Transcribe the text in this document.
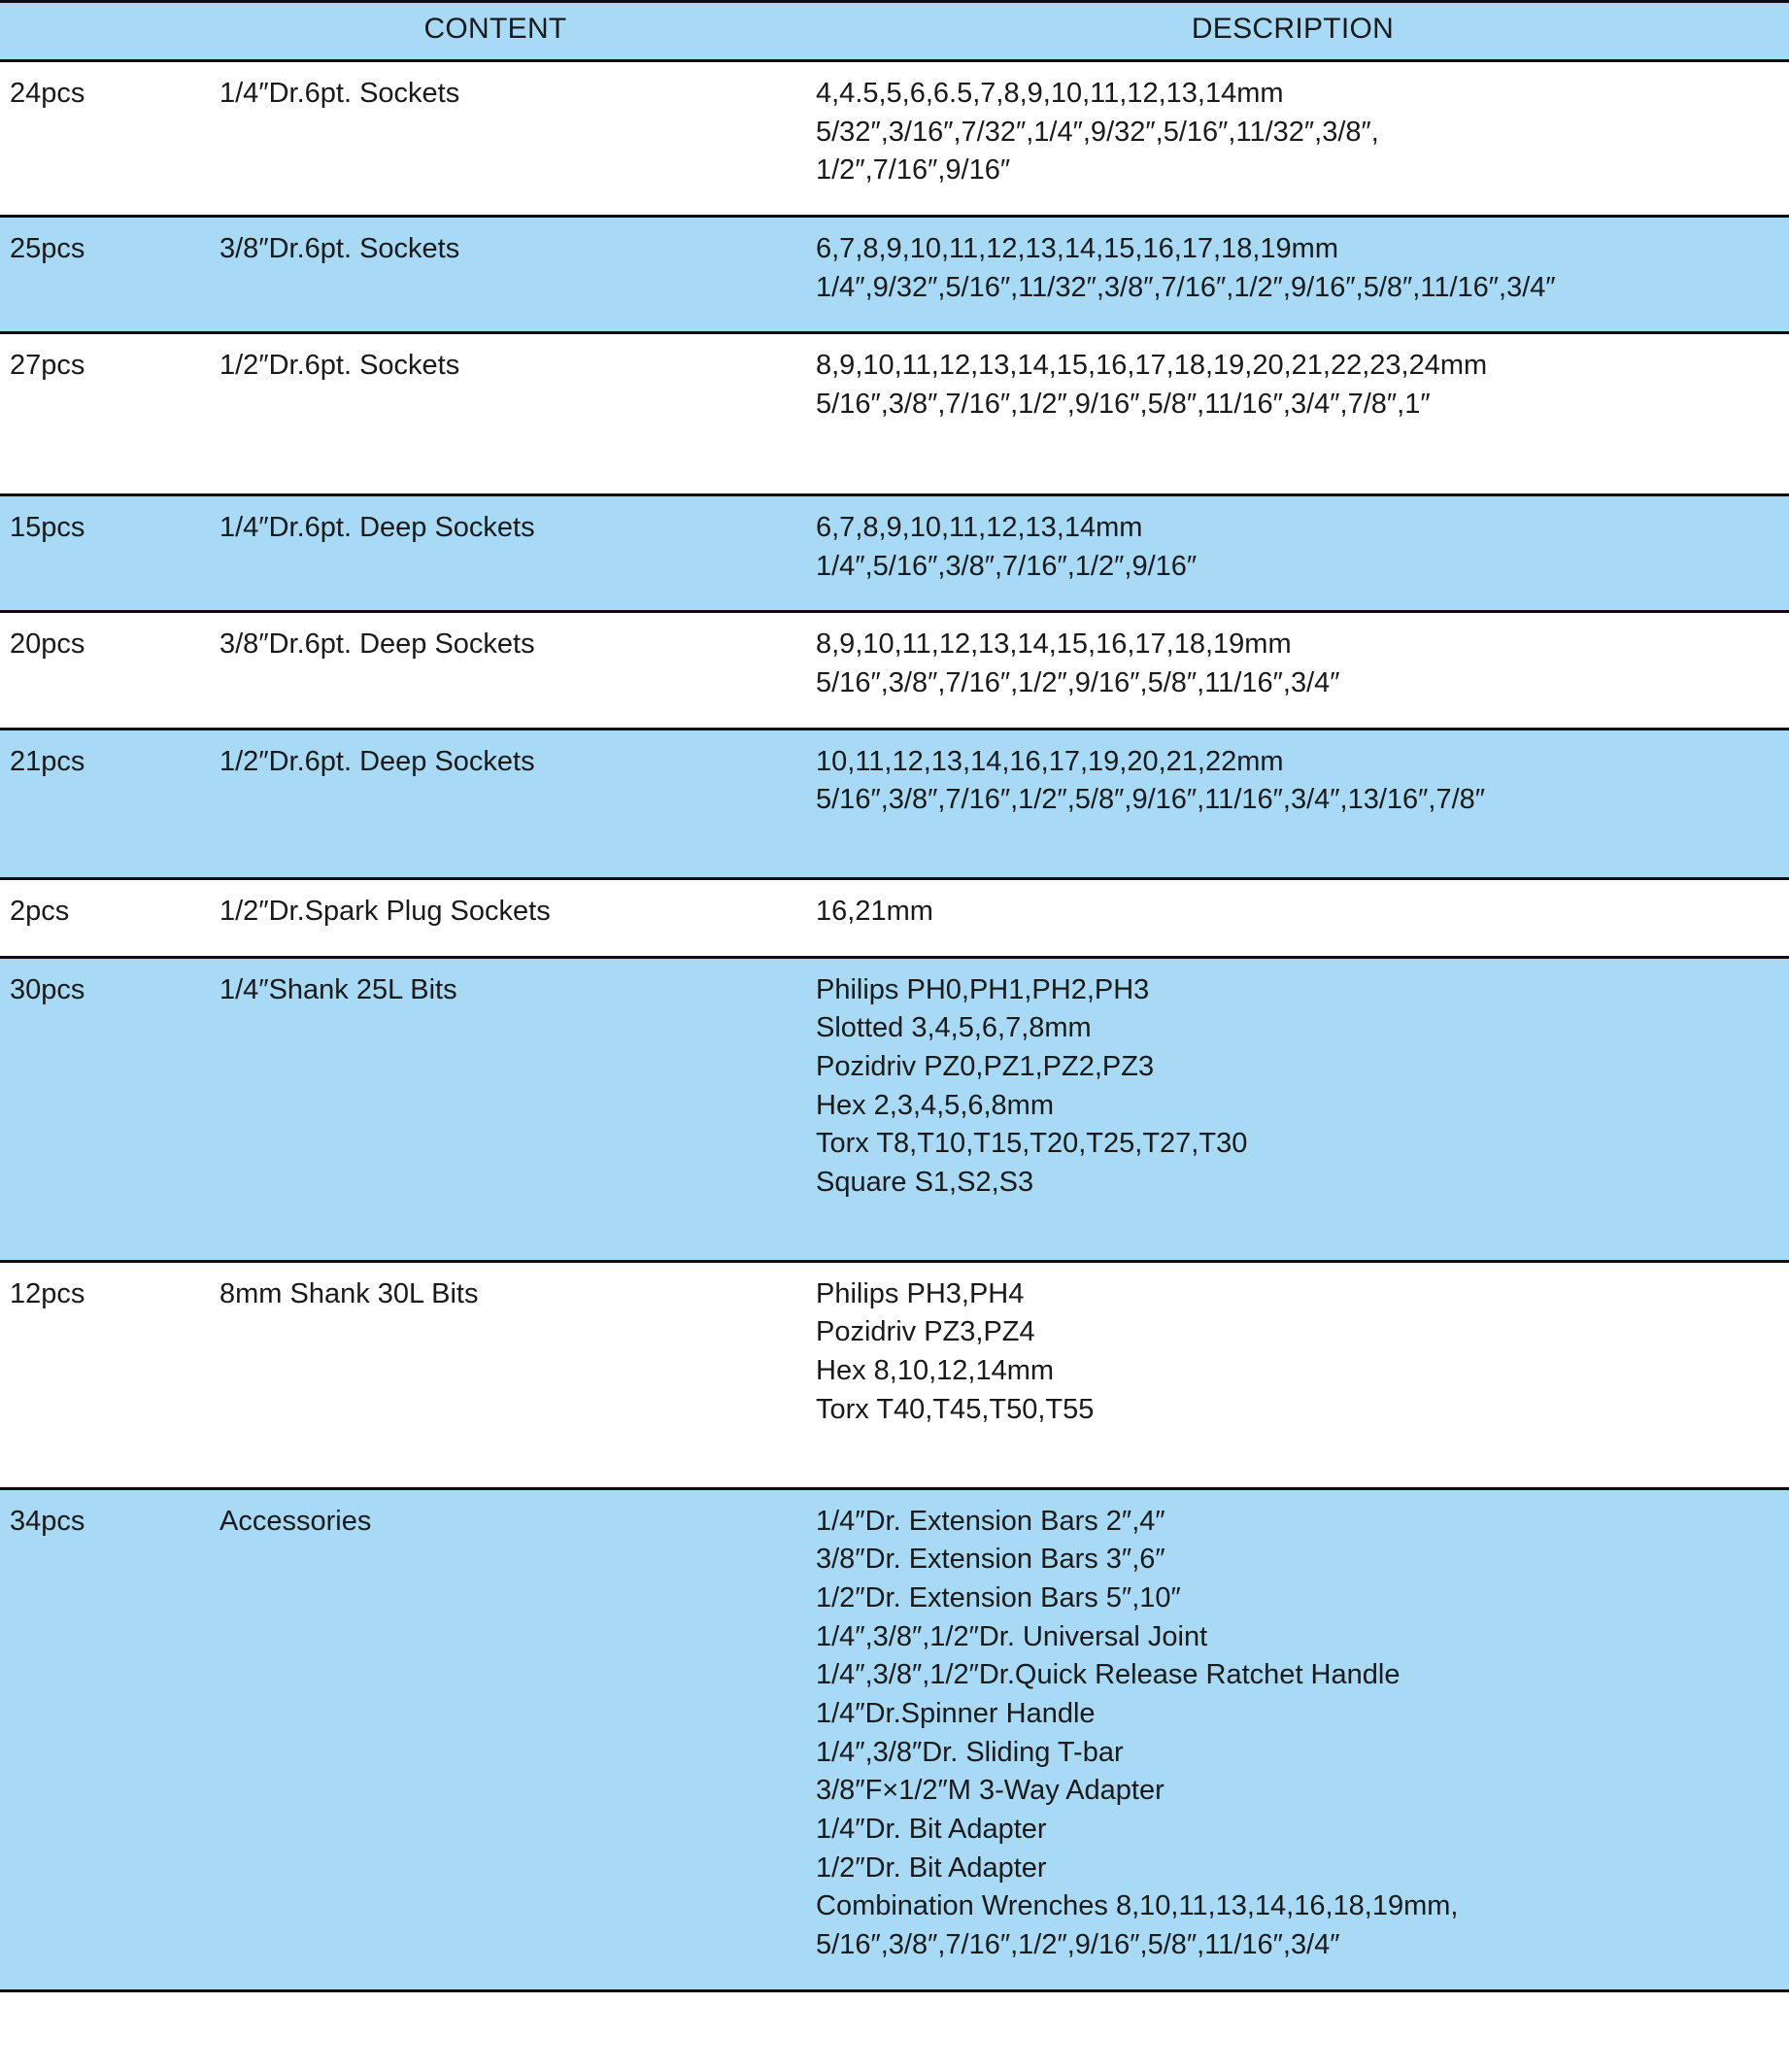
	CONTENT	DESCRIPTION
24pcs	1/4″Dr.6pt. Sockets	4,4.5,5,6,6.5,7,8,9,10,11,12,13,14mm
5/32″,3/16″,7/32″,1/4″,9/32″,5/16″,11/32″,3/8″,
1/2″,7/16″,9/16″

25pcs	3/8″Dr.6pt. Sockets	6,7,8,9,10,11,12,13,14,15,16,17,18,19mm
1/4″,9/32″,5/16″,11/32″,3/8″,7/16″,1/2″,9/16″,5/8″,11/16″,3/4″

27pcs	1/2″Dr.6pt. Sockets	8,9,10,11,12,13,14,15,16,17,18,19,20,21,22,23,24mm
5/16″,3/8″,7/16″,1/2″,9/16″,5/8″,11/16″,3/4″,7/8″,1″

15pcs	1/4″Dr.6pt. Deep Sockets	6,7,8,9,10,11,12,13,14mm
1/4″,5/16″,3/8″,7/16″,1/2″,9/16″

20pcs	3/8″Dr.6pt. Deep Sockets	8,9,10,11,12,13,14,15,16,17,18,19mm
5/16″,3/8″,7/16″,1/2″,9/16″,5/8″,11/16″,3/4″

21pcs	1/2″Dr.6pt. Deep Sockets	10,11,12,13,14,16,17,19,20,21,22mm
5/16″,3/8″,7/16″,1/2″,5/8″,9/16″,11/16″,3/4″,13/16″,7/8″

2pcs	1/2″Dr.Spark Plug Sockets	16,21mm

30pcs	1/4″Shank 25L Bits	Philips PH0,PH1,PH2,PH3
Slotted 3,4,5,6,7,8mm
Pozidriv PZ0,PZ1,PZ2,PZ3
Hex 2,3,4,5,6,8mm
Torx T8,T10,T15,T20,T25,T27,T30
Square S1,S2,S3

12pcs	8mm Shank 30L Bits	Philips PH3,PH4
Pozidriv PZ3,PZ4
Hex 8,10,12,14mm
Torx T40,T45,T50,T55

34pcs	Accessories	1/4″Dr. Extension Bars 2″,4″
3/8″Dr. Extension Bars 3″,6″
1/2″Dr. Extension Bars 5″,10″
1/4″,3/8″,1/2″Dr. Universal Joint
1/4″,3/8″,1/2″Dr.Quick Release Ratchet Handle
1/4″Dr.Spinner Handle
1/4″,3/8″Dr. Sliding T-bar
3/8″F×1/2″M 3-Way Adapter
1/4″Dr. Bit Adapter
1/2″Dr. Bit Adapter
Combination Wrenches 8,10,11,13,14,16,18,19mm,
5/16″,3/8″,7/16″,1/2″,9/16″,5/8″,11/16″,3/4″
